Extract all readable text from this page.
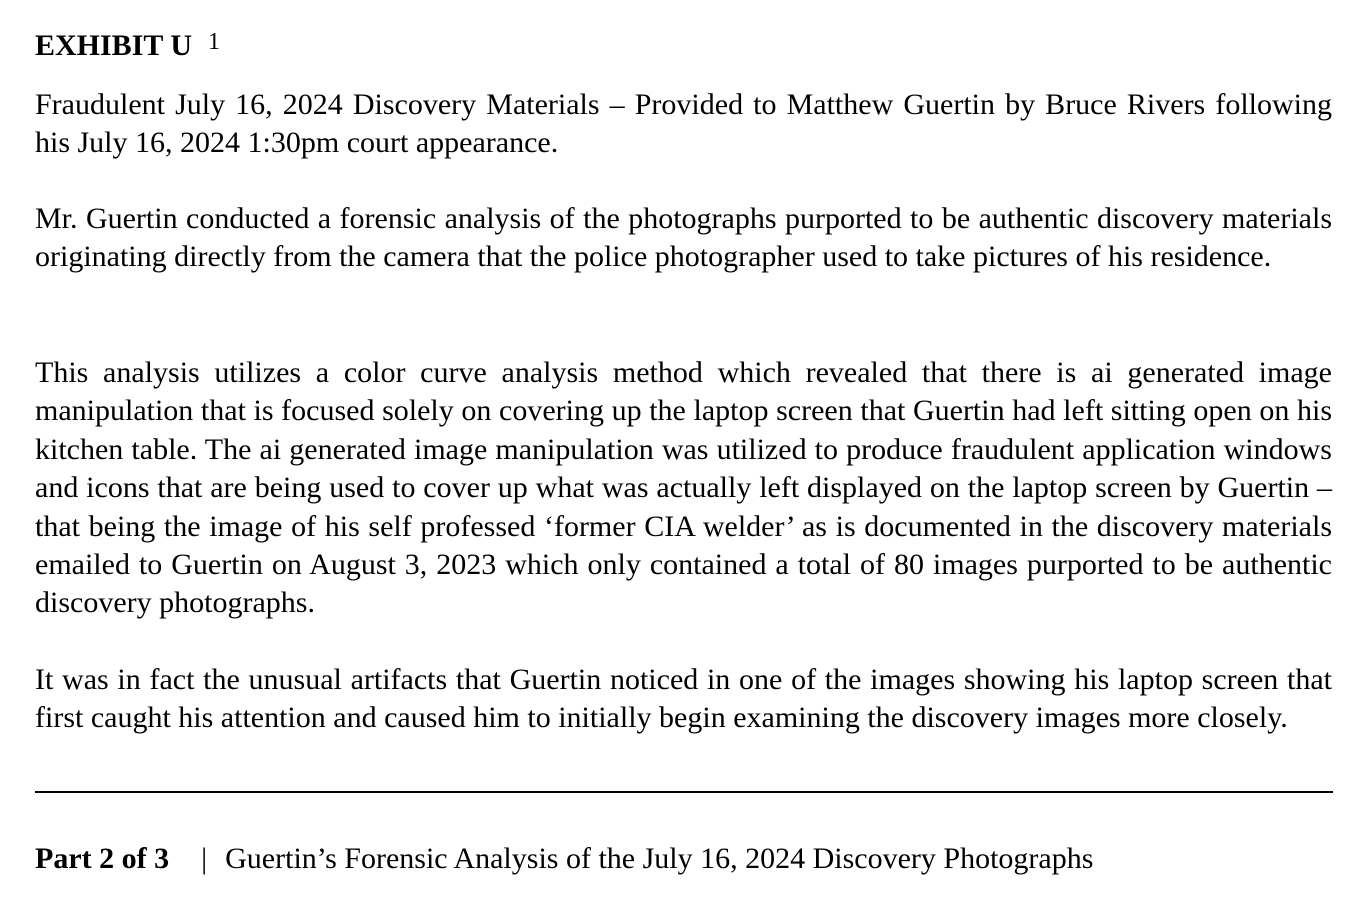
EXHIBIT U $^1$

Fraudulent July 16, 2024 Discovery Materials – Provided to Matthew Guertin by Bruce Rivers following his July 16, 2024 1:30pm court appearance.

Mr. Guertin conducted a forensic analysis of the photographs purported to be authentic discovery materials originating directly from the camera that the police photographer used to take pictures of his residence.

This analysis utilizes a color curve analysis method which revealed that there is ai generated image manipulation that is focused solely on covering up the laptop screen that Guertin had left sitting open on his kitchen table. The ai generated image manipulation was utilized to produce fraudulent application windows and icons that are being used to cover up what was actually left displayed on the laptop screen by Guertin – that being the image of his self professed ‘former CIA welder’ as is documented in the discovery materials emailed to Guertin on August 3, 2023 which only contained a total of 80 images purported to be authentic discovery photographs.

It was in fact the unusual artifacts that Guertin noticed in one of the images showing his laptop screen that first caught his attention and caused him to initially begin examining the discovery images more closely.

Part 2 of 3 | Guertin’s Forensic Analysis of the July 16, 2024 Discovery Photographs
